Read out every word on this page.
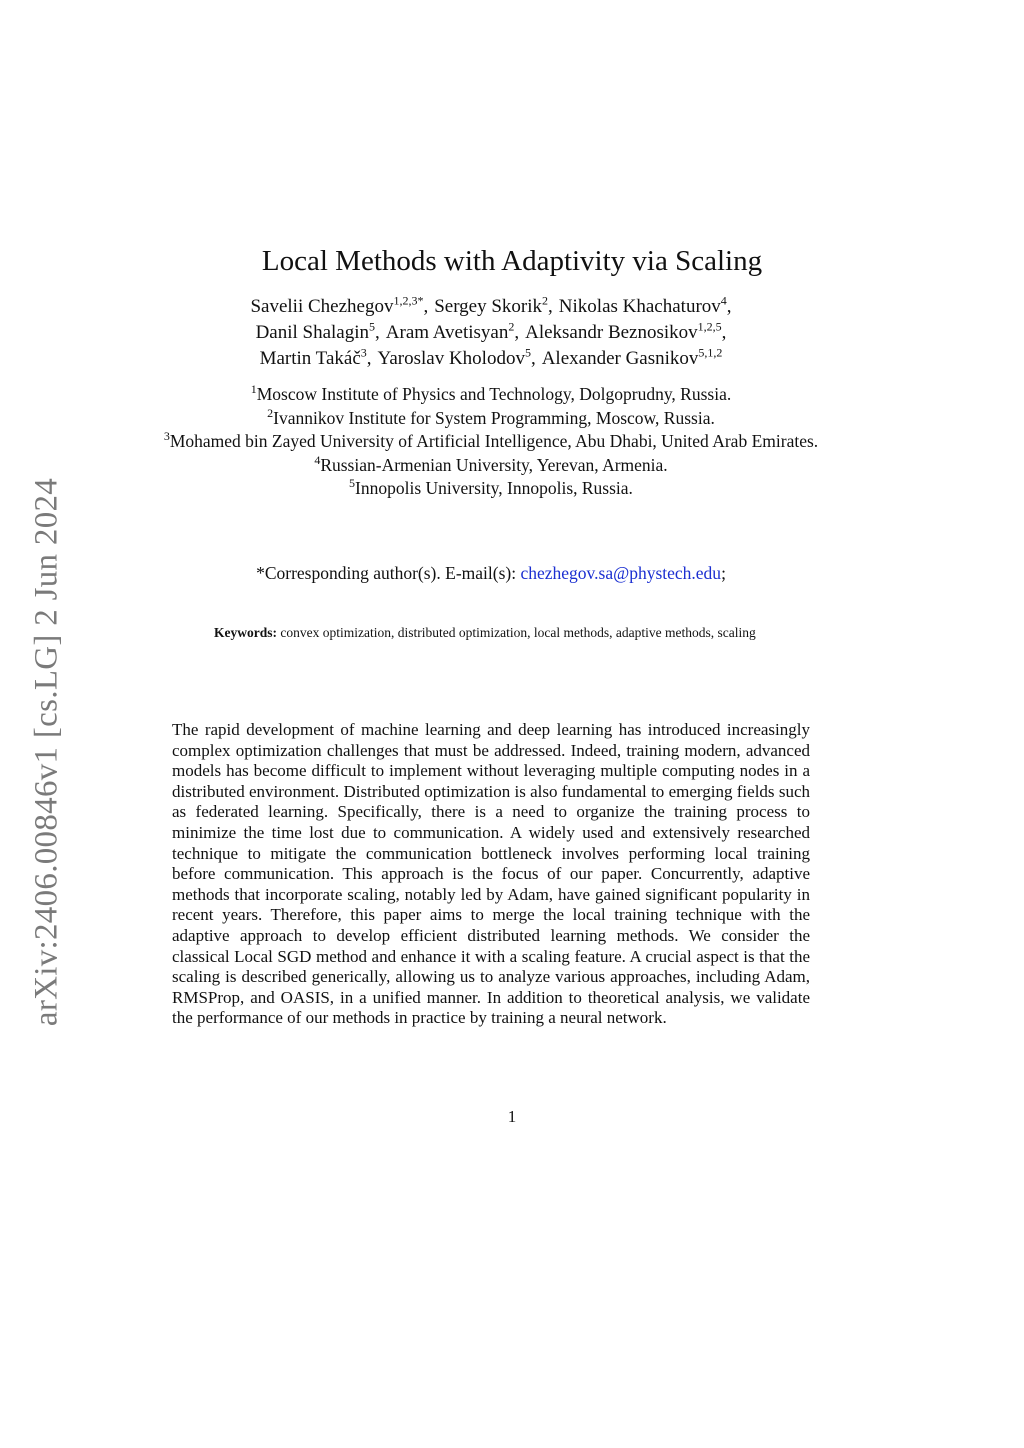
arXiv:2406.00846v1 [cs.LG] 2 Jun 2024
Local Methods with Adaptivity via Scaling
Savelii Chezhegov$^{1,2,3*}$, Sergey Skorik$^2$, Nikolas Khachaturov$^4$,
Danil Shalagin$^5$, Aram Avetisyan$^2$, Aleksandr Beznosikov$^{1,2,5}$,
Martin Takáč$^3$, Yaroslav Kholodov$^5$, Alexander Gasnikov$^{5,1,2}$
$^1$Moscow Institute of Physics and Technology, Dolgoprudny, Russia.
$^2$Ivannikov Institute for System Programming, Moscow, Russia.
$^3$Mohamed bin Zayed University of Artificial Intelligence, Abu Dhabi, United Arab Emirates.
$^4$Russian-Armenian University, Yerevan, Armenia.
$^5$Innopolis University, Innopolis, Russia.
*Corresponding author(s). E-mail(s): chezhegov.sa@phystech.edu;
Keywords: convex optimization, distributed optimization, local methods, adaptive methods, scaling
The rapid development of machine learning and deep learning has introduced increasingly complex optimization challenges that must be addressed. Indeed, training modern, advanced models has become difficult to implement without leveraging multiple computing nodes in a distributed environment. Distributed optimization is also fundamental to emerging fields such as federated learning. Specifically, there is a need to organize the training process to minimize the time lost due to communication. A widely used and extensively researched technique to mitigate the communication bottleneck involves performing local training before communication. This approach is the focus of our paper. Concurrently, adaptive methods that incorporate scaling, notably led by Adam, have gained significant popularity in recent years. Therefore, this paper aims to merge the local training technique with the adaptive approach to develop efficient distributed learning methods. We consider the classical Local SGD method and enhance it with a scaling feature. A crucial aspect is that the scaling is described generically, allowing us to analyze various approaches, including Adam, RMSProp, and OASIS, in a unified manner. In addition to theoretical analysis, we validate the performance of our methods in practice by training a neural network.
1
